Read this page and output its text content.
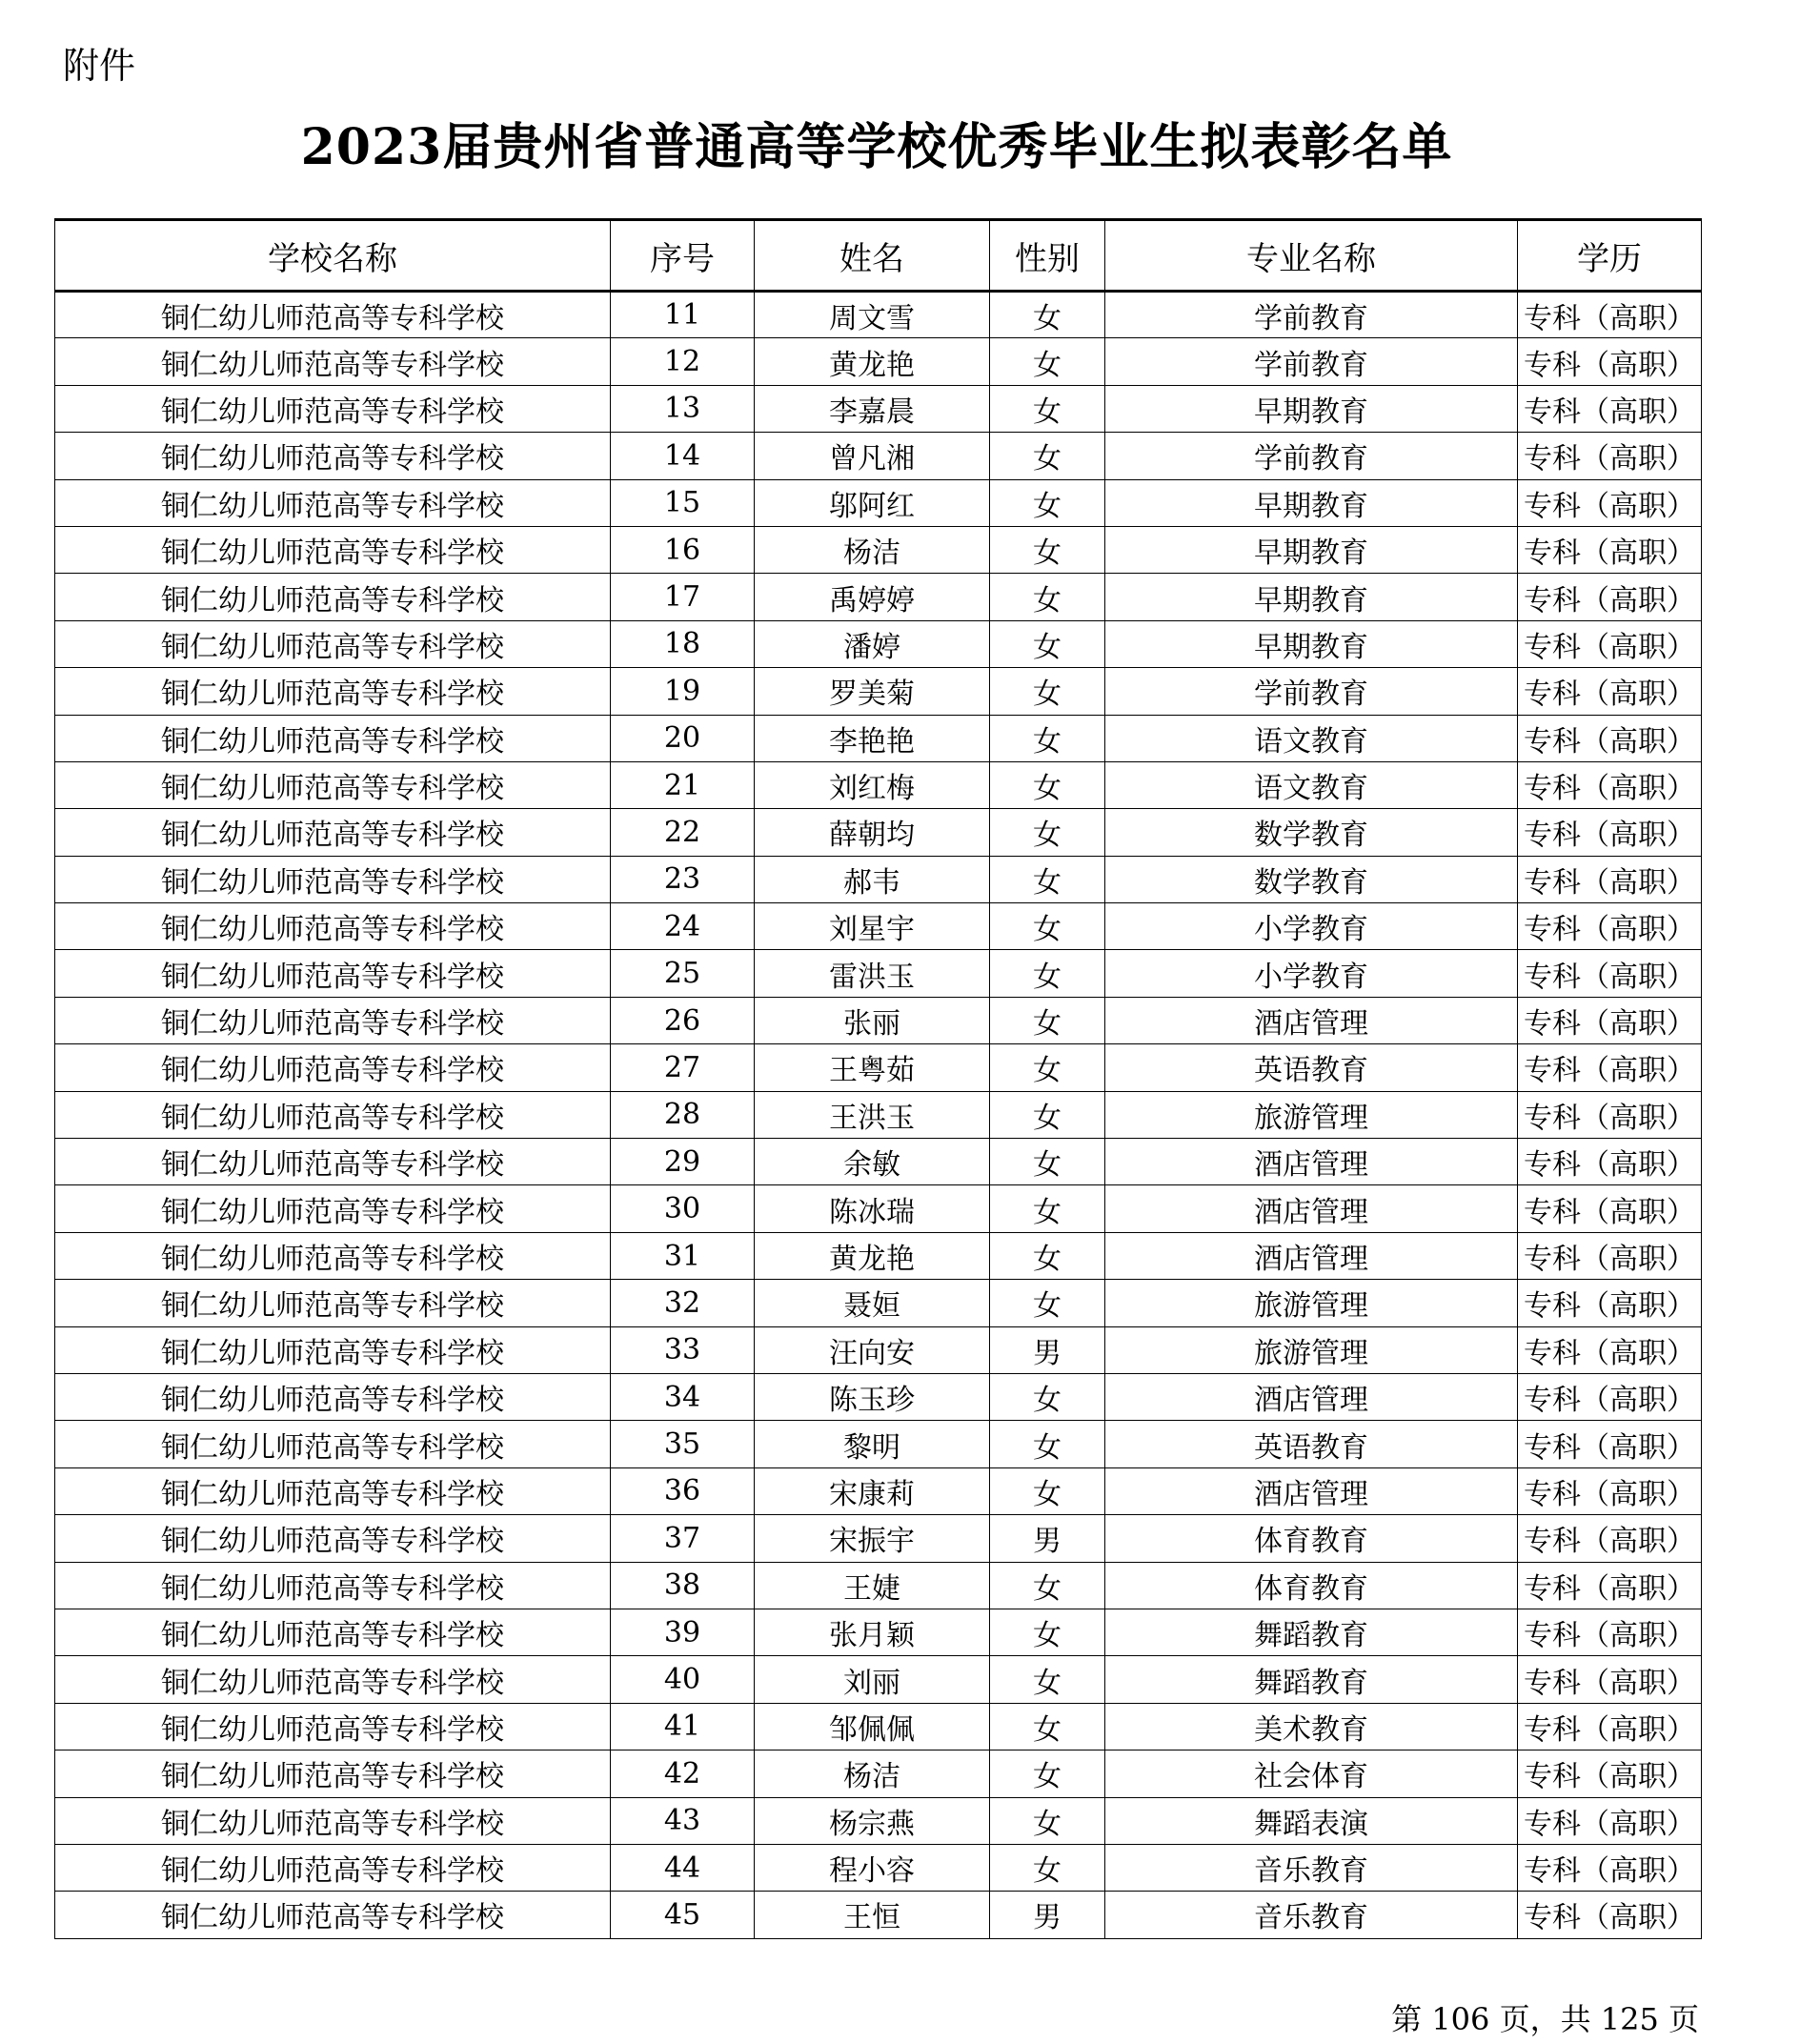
附件
2023届贵州省普通高等学校优秀毕业生拟表彰名单
学校名称	序号	姓名	性别	专业名称	学历
铜仁幼儿师范高等专科学校	11	周文雪	女	学前教育	专科（高职）
铜仁幼儿师范高等专科学校	12	黄龙艳	女	学前教育	专科（高职）
铜仁幼儿师范高等专科学校	13	李嘉晨	女	早期教育	专科（高职）
铜仁幼儿师范高等专科学校	14	曾凡湘	女	学前教育	专科（高职）
铜仁幼儿师范高等专科学校	15	邬阿红	女	早期教育	专科（高职）
铜仁幼儿师范高等专科学校	16	杨洁	女	早期教育	专科（高职）
铜仁幼儿师范高等专科学校	17	禹婷婷	女	早期教育	专科（高职）
铜仁幼儿师范高等专科学校	18	潘婷	女	早期教育	专科（高职）
铜仁幼儿师范高等专科学校	19	罗美菊	女	学前教育	专科（高职）
铜仁幼儿师范高等专科学校	20	李艳艳	女	语文教育	专科（高职）
铜仁幼儿师范高等专科学校	21	刘红梅	女	语文教育	专科（高职）
铜仁幼儿师范高等专科学校	22	薛朝均	女	数学教育	专科（高职）
铜仁幼儿师范高等专科学校	23	郝韦	女	数学教育	专科（高职）
铜仁幼儿师范高等专科学校	24	刘星宇	女	小学教育	专科（高职）
铜仁幼儿师范高等专科学校	25	雷洪玉	女	小学教育	专科（高职）
铜仁幼儿师范高等专科学校	26	张丽	女	酒店管理	专科（高职）
铜仁幼儿师范高等专科学校	27	王粤茹	女	英语教育	专科（高职）
铜仁幼儿师范高等专科学校	28	王洪玉	女	旅游管理	专科（高职）
铜仁幼儿师范高等专科学校	29	余敏	女	酒店管理	专科（高职）
铜仁幼儿师范高等专科学校	30	陈冰瑞	女	酒店管理	专科（高职）
铜仁幼儿师范高等专科学校	31	黄龙艳	女	酒店管理	专科（高职）
铜仁幼儿师范高等专科学校	32	聂姮	女	旅游管理	专科（高职）
铜仁幼儿师范高等专科学校	33	汪向安	男	旅游管理	专科（高职）
铜仁幼儿师范高等专科学校	34	陈玉珍	女	酒店管理	专科（高职）
铜仁幼儿师范高等专科学校	35	黎明	女	英语教育	专科（高职）
铜仁幼儿师范高等专科学校	36	宋康莉	女	酒店管理	专科（高职）
铜仁幼儿师范高等专科学校	37	宋振宇	男	体育教育	专科（高职）
铜仁幼儿师范高等专科学校	38	王婕	女	体育教育	专科（高职）
铜仁幼儿师范高等专科学校	39	张月颖	女	舞蹈教育	专科（高职）
铜仁幼儿师范高等专科学校	40	刘丽	女	舞蹈教育	专科（高职）
铜仁幼儿师范高等专科学校	41	邹佩佩	女	美术教育	专科（高职）
铜仁幼儿师范高等专科学校	42	杨洁	女	社会体育	专科（高职）
铜仁幼儿师范高等专科学校	43	杨宗燕	女	舞蹈表演	专科（高职）
铜仁幼儿师范高等专科学校	44	程小容	女	音乐教育	专科（高职）
铜仁幼儿师范高等专科学校	45	王恒	男	音乐教育	专科（高职）
第 106 页，共 125 页
